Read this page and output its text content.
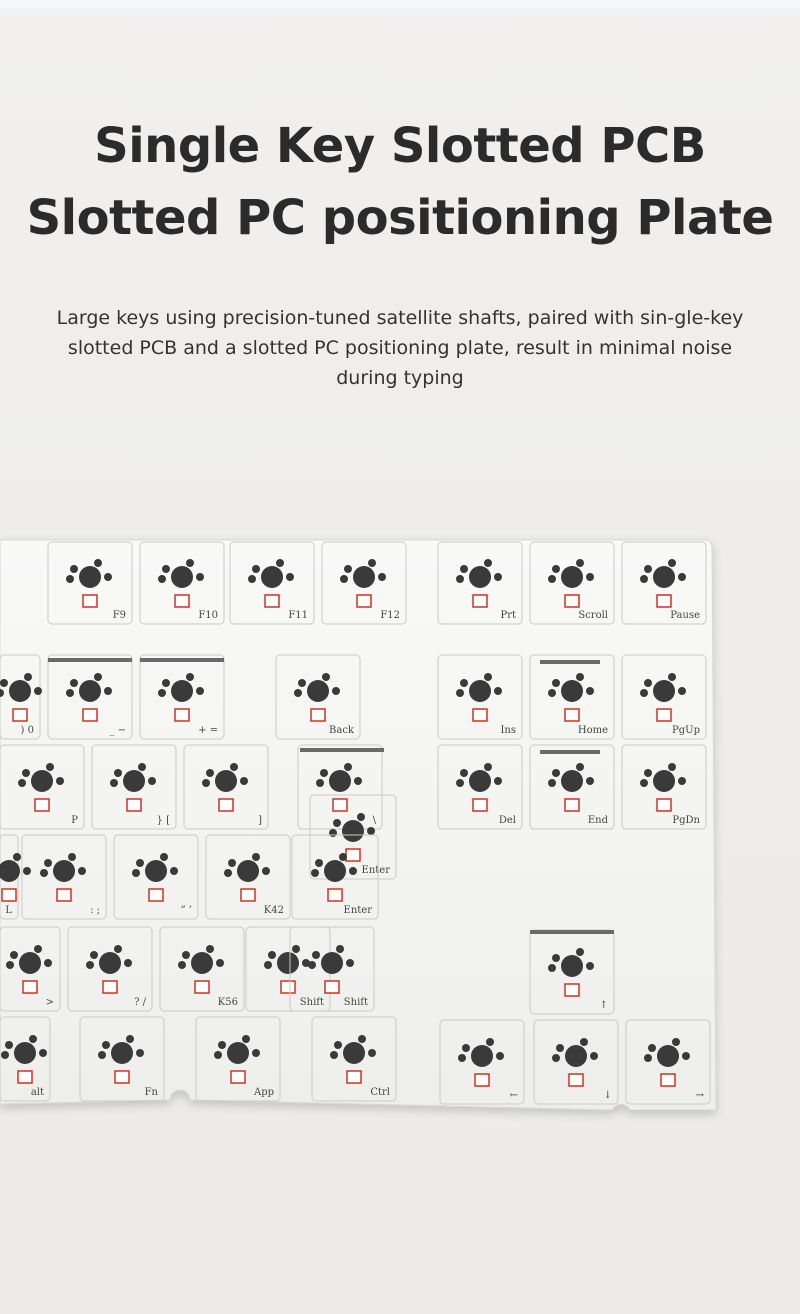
Single Key Slotted PCB
Slotted PC positioning Plate

Large keys using precision-tuned satellite shafts, paired with sin-gle-key slotted PCB and a slotted PC positioning plate, result in minimal noise during typing

F9	F10	F11	F12	Prt	Scroll	Pause
) 0	_ −	+ =	Back	Ins	Home	PgUp
P	} [	]	\	Del	End	PgDn
L	: ;	” ’	K42
Enter
Enter
>	? /	K56	Shift Shift	↑
alt	Fn	App	Ctrl	←	↓	→
